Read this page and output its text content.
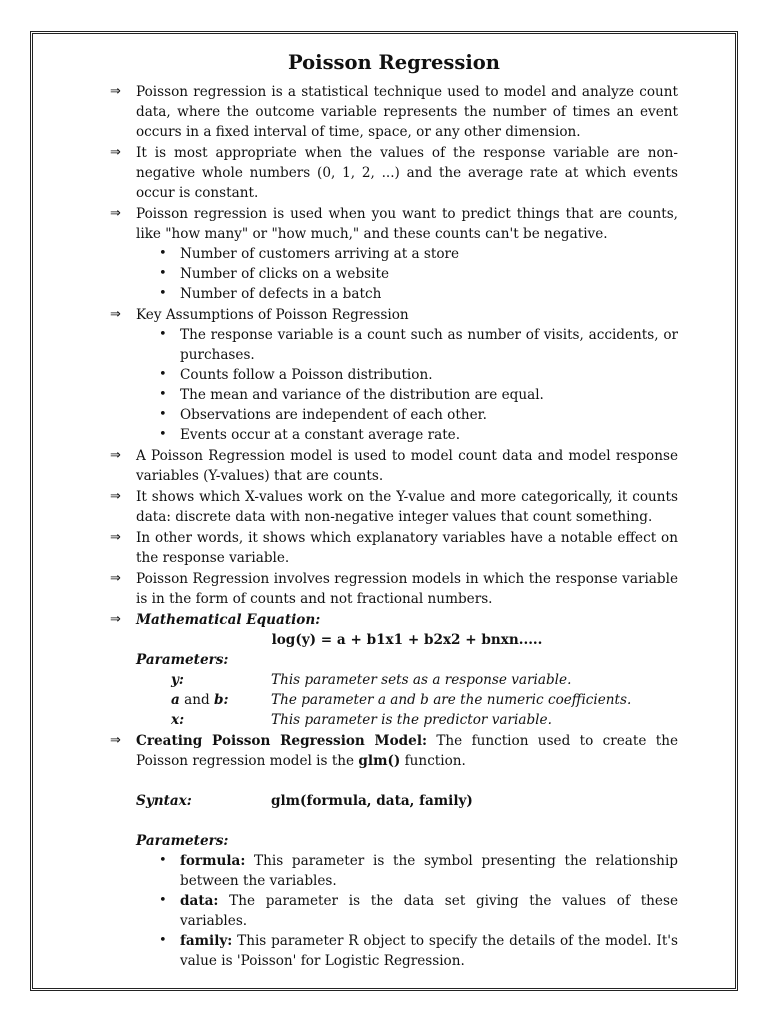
Poisson Regression
⇒ Poisson regression is a statistical technique used to model and analyze count data, where the outcome variable represents the number of times an event occurs in a fixed interval of time, space, or any other dimension.
⇒ It is most appropriate when the values of the response variable are non-negative whole numbers (0, 1, 2, ...) and the average rate at which events occur is constant.
⇒ Poisson regression is used when you want to predict things that are counts, like "how many" or "how much," and these counts can't be negative.
• Number of customers arriving at a store
• Number of clicks on a website
• Number of defects in a batch
⇒ Key Assumptions of Poisson Regression
• The response variable is a count such as number of visits, accidents, or purchases.
• Counts follow a Poisson distribution.
• The mean and variance of the distribution are equal.
• Observations are independent of each other.
• Events occur at a constant average rate.
⇒ A Poisson Regression model is used to model count data and model response variables (Y-values) that are counts.
⇒ It shows which X-values work on the Y-value and more categorically, it counts data: discrete data with non-negative integer values that count something.
⇒ In other words, it shows which explanatory variables have a notable effect on the response variable.
⇒ Poisson Regression involves regression models in which the response variable is in the form of counts and not fractional numbers.
⇒ Mathematical Equation:
log(y) = a + b1x1 + b2x2 + bnxn.....
Parameters:
y:	This parameter sets as a response variable.
a and b:	The parameter a and b are the numeric coefficients.
x:	This parameter is the predictor variable.
⇒ Creating Poisson Regression Model: The function used to create the Poisson regression model is the glm() function.
Syntax:	glm(formula, data, family)
Parameters:
• formula: This parameter is the symbol presenting the relationship between the variables.
• data: The parameter is the data set giving the values of these variables.
• family: This parameter R object to specify the details of the model. It's value is 'Poisson' for Logistic Regression.
